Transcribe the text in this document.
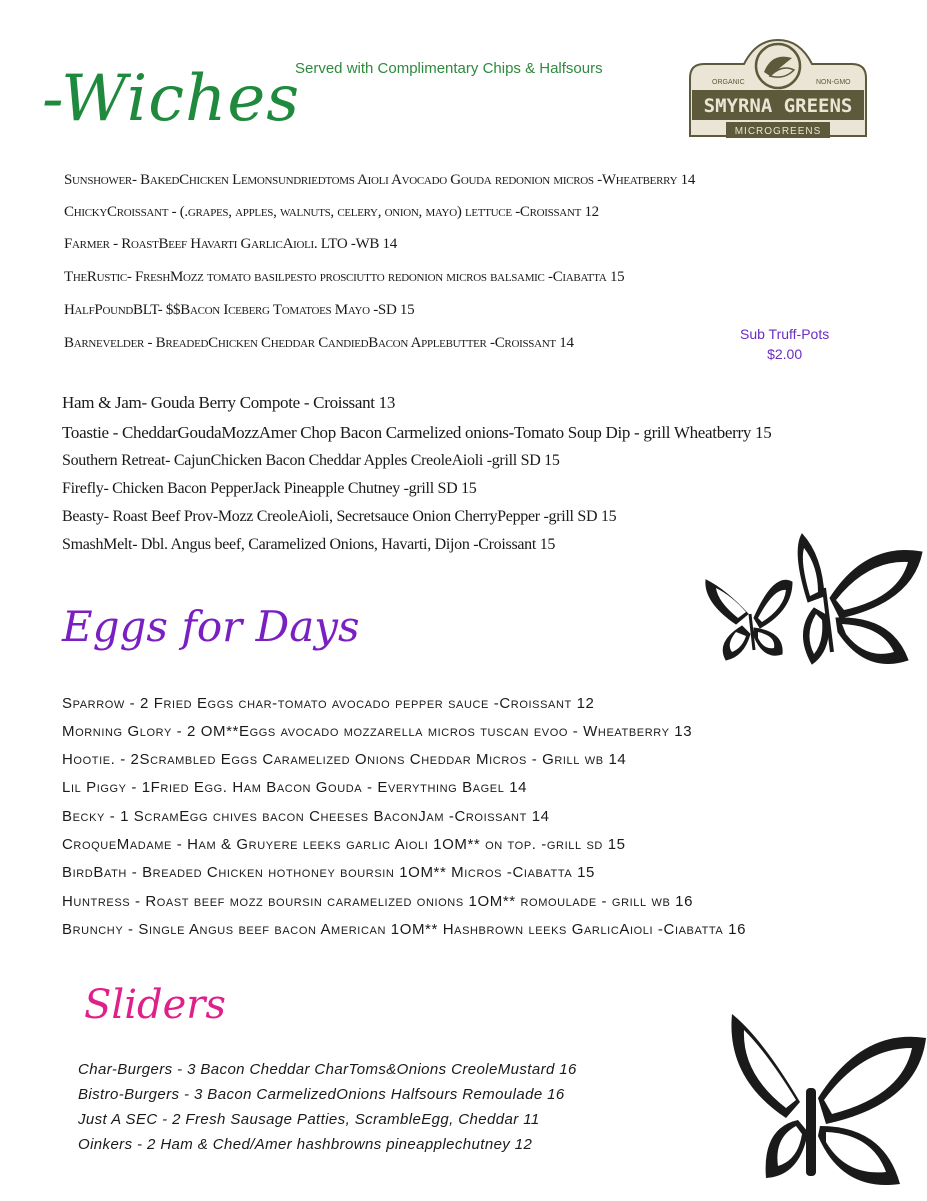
-Wiches
Served with Complimentary Chips & Halfsours
ORGANIC	NON-GMO
SMYRNA GREENS
MICROGREENS
Sunshower- BakedChicken Lemonsundriedtoms Aioli Avocado Gouda redonion micros -Wheatberry 14
ChickyCroissant - (.grapes, apples, walnuts, celery, onion, mayo) lettuce -Croissant 12
Farmer - RoastBeef Havarti GarlicAioli. LTO -WB 14
TheRustic- FreshMozz tomato basilpesto prosciutto redonion micros balsamic -Ciabatta 15
HalfPoundBLT- $$Bacon Iceberg Tomatoes Mayo -SD 15
Barnevelder - BreadedChicken Cheddar CandiedBacon Applebutter -Croissant 14
Sub Truff-Pots
$2.00
Ham & Jam- Gouda Berry Compote - Croissant 13
Toastie - CheddarGoudaMozzAmer Chop Bacon Carmelized onions-Tomato Soup Dip - grill Wheatberry 15
Southern Retreat- CajunChicken Bacon Cheddar Apples CreoleAioli -grill SD 15
Firefly- Chicken Bacon PepperJack Pineapple Chutney -grill SD 15
Beasty- Roast Beef Prov-Mozz CreoleAioli, Secretsauce Onion CherryPepper -grill SD 15
SmashMelt- Dbl. Angus beef, Caramelized Onions, Havarti, Dijon -Croissant 15
Eggs for Days
Sparrow - 2 Fried Eggs char-tomato avocado pepper sauce -Croissant 12
Morning Glory - 2 OM**Eggs avocado mozzarella micros tuscan evoo - Wheatberry 13
Hootie. - 2Scrambled Eggs Caramelized Onions Cheddar Micros - Grill wb 14
Lil Piggy - 1Fried Egg. Ham Bacon Gouda - Everything Bagel 14
Becky - 1 ScramEgg chives bacon Cheeses BaconJam -Croissant 14
CroqueMadame - Ham & Gruyere leeks garlic Aioli 1OM** on top. -grill sd 15
BirdBath - Breaded Chicken hothoney boursin 1OM** Micros -Ciabatta 15
Huntress - Roast beef mozz boursin caramelized onions 1OM** romoulade - grill wb 16
Brunchy - Single Angus beef bacon American 1OM** Hashbrown leeks GarlicAioli -Ciabatta 16
Sliders
Char-Burgers - 3 Bacon Cheddar CharToms&Onions CreoleMustard 16
Bistro-Burgers - 3 Bacon CarmelizedOnions Halfsours Remoulade 16
Just A SEC - 2 Fresh Sausage Patties, ScrambleEgg, Cheddar 11
Oinkers - 2 Ham & Ched/Amer hashbrowns pineapplechutney 12
